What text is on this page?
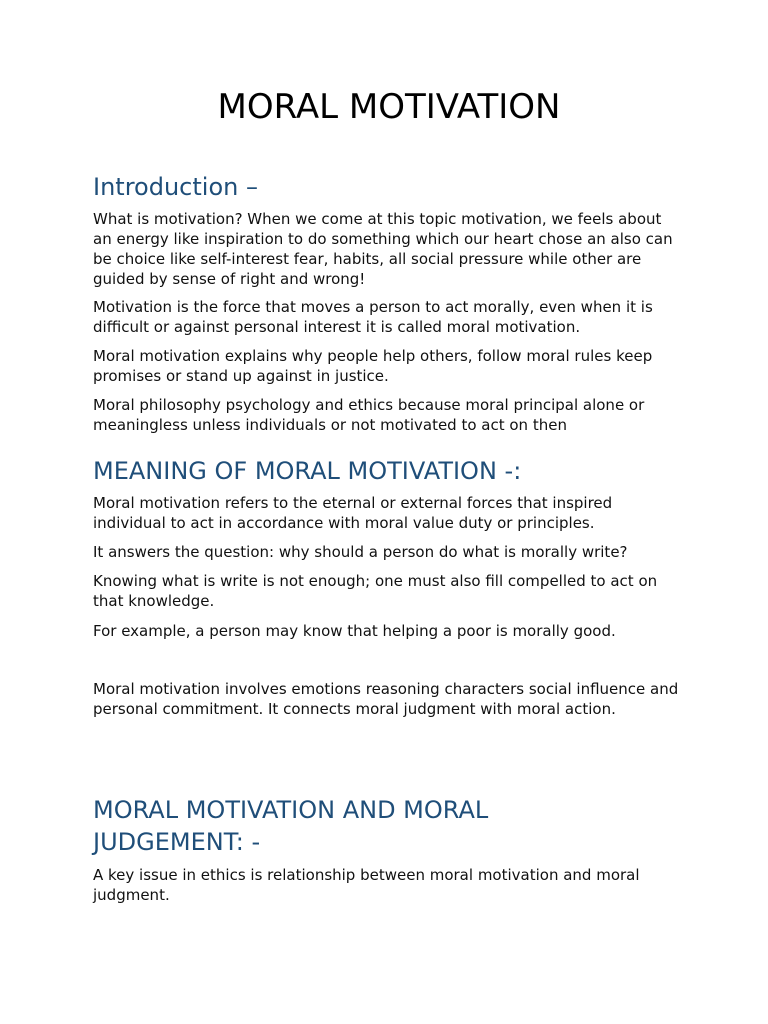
MORAL MOTIVATION
Introduction –

What is motivation? When we come at this topic motivation, we feels about an energy like inspiration to do something which our heart chose an also can be choice like self-interest fear, habits, all social pressure while other are guided by sense of right and wrong!

Motivation is the force that moves a person to act morally, even when it is difficult or against personal interest it is called moral motivation.

Moral motivation explains why people help others, follow moral rules keep promises or stand up against in justice.

Moral philosophy psychology and ethics because moral principal alone or meaningless unless individuals or not motivated to act on then

MEANING OF MORAL MOTIVATION -:

Moral motivation refers to the eternal or external forces that inspired individual to act in accordance with moral value duty or principles.

It answers the question: why should a person do what is morally write?

Knowing what is write is not enough; one must also fill compelled to act on that knowledge.

For example, a person may know that helping a poor is morally good.

Moral motivation involves emotions reasoning characters social influence and personal commitment. It connects moral judgment with moral action.

MORAL MOTIVATION AND MORAL JUDGEMENT: -

A key issue in ethics is relationship between moral motivation and moral judgment.
